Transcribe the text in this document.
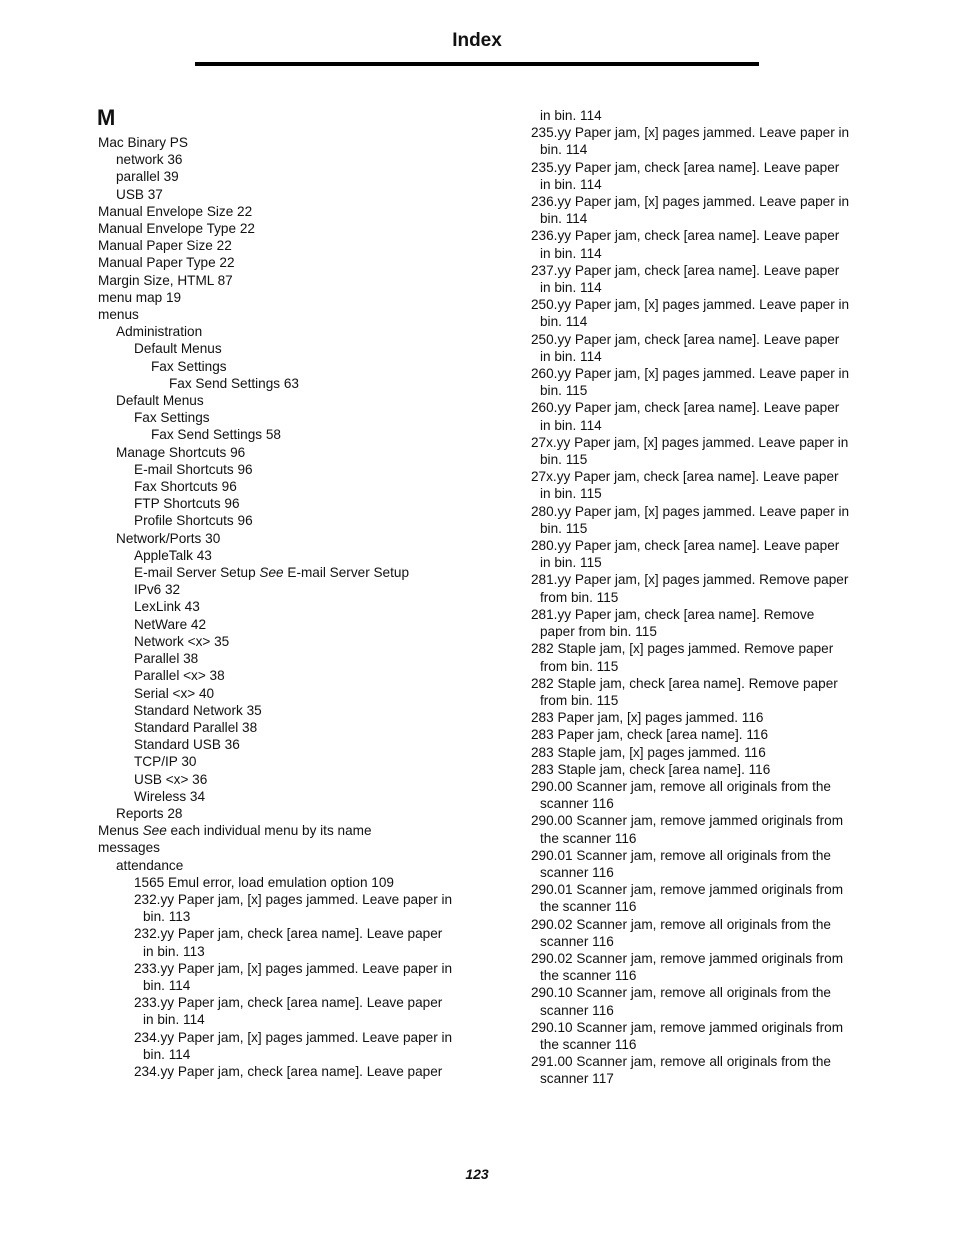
Index
M
Mac Binary PS
network 36
parallel 39
USB 37
Manual Envelope Size 22
Manual Envelope Type 22
Manual Paper Size 22
Manual Paper Type 22
Margin Size, HTML 87
menu map 19
menus
Administration
Default Menus
Fax Settings
Fax Send Settings 63
Default Menus
Fax Settings
Fax Send Settings 58
Manage Shortcuts 96
E-mail Shortcuts 96
Fax Shortcuts 96
FTP Shortcuts 96
Profile Shortcuts 96
Network/Ports 30
AppleTalk 43
E-mail Server Setup See E-mail Server Setup
IPv6 32
LexLink 43
NetWare 42
Network <x> 35
Parallel 38
Parallel <x> 38
Serial <x> 40
Standard Network 35
Standard Parallel 38
Standard USB 36
TCP/IP 30
USB <x> 36
Wireless 34
Reports 28
Menus See each individual menu by its name
messages
attendance
1565 Emul error, load emulation option 109
232.yy Paper jam, [x] pages jammed. Leave paper in
bin. 113
232.yy Paper jam, check [area name]. Leave paper
in bin. 113
233.yy Paper jam, [x] pages jammed. Leave paper in
bin. 114
233.yy Paper jam, check [area name]. Leave paper
in bin. 114
234.yy Paper jam, [x] pages jammed. Leave paper in
bin. 114
234.yy Paper jam, check [area name]. Leave paper
in bin. 114
235.yy Paper jam, [x] pages jammed. Leave paper in
bin. 114
235.yy Paper jam, check [area name]. Leave paper
in bin. 114
236.yy Paper jam, [x] pages jammed. Leave paper in
bin. 114
236.yy Paper jam, check [area name]. Leave paper
in bin. 114
237.yy Paper jam, check [area name]. Leave paper
in bin. 114
250.yy Paper jam, [x] pages jammed. Leave paper in
bin. 114
250.yy Paper jam, check [area name]. Leave paper
in bin. 114
260.yy Paper jam, [x] pages jammed. Leave paper in
bin. 115
260.yy Paper jam, check [area name]. Leave paper
in bin. 114
27x.yy Paper jam, [x] pages jammed. Leave paper in
bin. 115
27x.yy Paper jam, check [area name]. Leave paper
in bin. 115
280.yy Paper jam, [x] pages jammed. Leave paper in
bin. 115
280.yy Paper jam, check [area name]. Leave paper
in bin. 115
281.yy Paper jam, [x] pages jammed. Remove paper
from bin. 115
281.yy Paper jam, check [area name]. Remove
paper from bin. 115
282 Staple jam, [x] pages jammed. Remove paper
from bin. 115
282 Staple jam, check [area name]. Remove paper
from bin. 115
283 Paper jam, [x] pages jammed. 116
283 Paper jam, check [area name]. 116
283 Staple jam, [x] pages jammed. 116
283 Staple jam, check [area name]. 116
290.00 Scanner jam, remove all originals from the
scanner 116
290.00 Scanner jam, remove jammed originals from
the scanner 116
290.01 Scanner jam, remove all originals from the
scanner 116
290.01 Scanner jam, remove jammed originals from
the scanner 116
290.02 Scanner jam, remove all originals from the
scanner 116
290.02 Scanner jam, remove jammed originals from
the scanner 116
290.10 Scanner jam, remove all originals from the
scanner 116
290.10 Scanner jam, remove jammed originals from
the scanner 116
291.00 Scanner jam, remove all originals from the
scanner 117
123
